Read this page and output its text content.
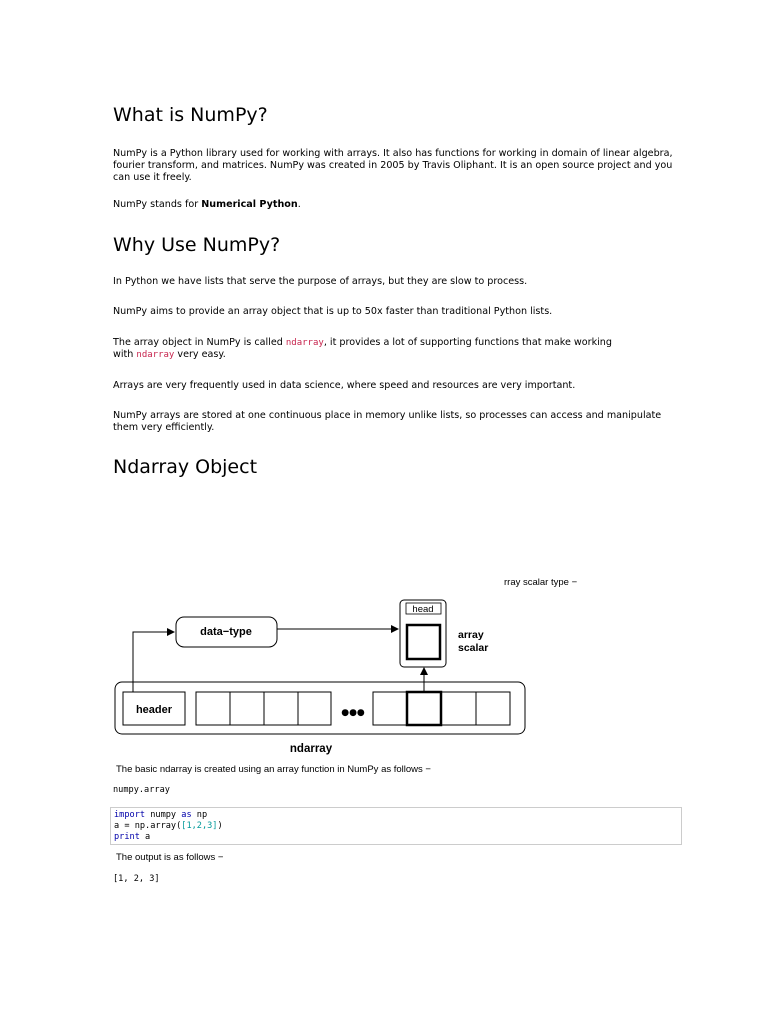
What is NumPy?

NumPy is a Python library used for working with arrays. It also has functions for working in domain of linear algebra, fourier transform, and matrices. NumPy was created in 2005 by Travis Oliphant. It is an open source project and you can use it freely.

NumPy stands for Numerical Python.

Why Use NumPy?

In Python we have lists that serve the purpose of arrays, but they are slow to process.

NumPy aims to provide an array object that is up to 50x faster than traditional Python lists.

The array object in NumPy is called ndarray, it provides a lot of supporting functions that make working
with ndarray very easy.

Arrays are very frequently used in data science, where speed and resources are very important.

NumPy arrays are stored at one continuous place in memory unlike lists, so processes can access and manipulate them very efficiently.

Ndarray Object
rray scalar type −
header	●●●
head
array
scalar
data−type
ndarray
The basic ndarray is created using an array function in NumPy as follows −
numpy.array
import numpy as np
a = np.array([1,2,3])
print a
The output is as follows −
[1, 2, 3]
